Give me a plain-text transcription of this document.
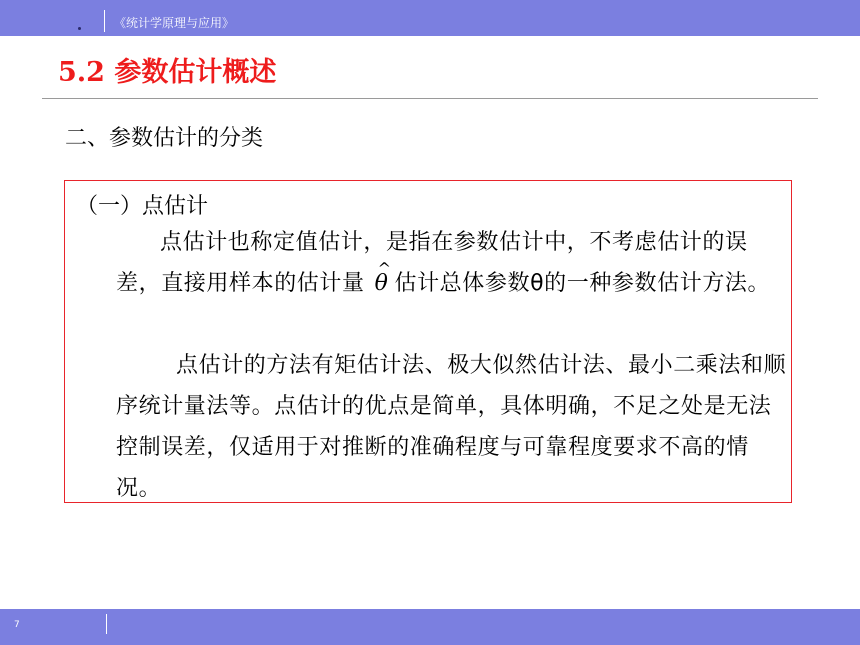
《统计学原理与应用》
5.2 参数估计概述
二、参数估计的分类
（一）点估计
点估计也称定值估计，是指在参数估计中，不考虑估计的误差，直接用样本的估计量^ θ 估计总体参数θ的一种参数估计方法。
点估计的方法有矩估计法、极大似然估计法、最小二乘法和顺序统计量法等。点估计的优点是简单，具体明确，不足之处是无法控制误差，仅适用于对推断的准确程度与可靠程度要求不高的情况。
7
